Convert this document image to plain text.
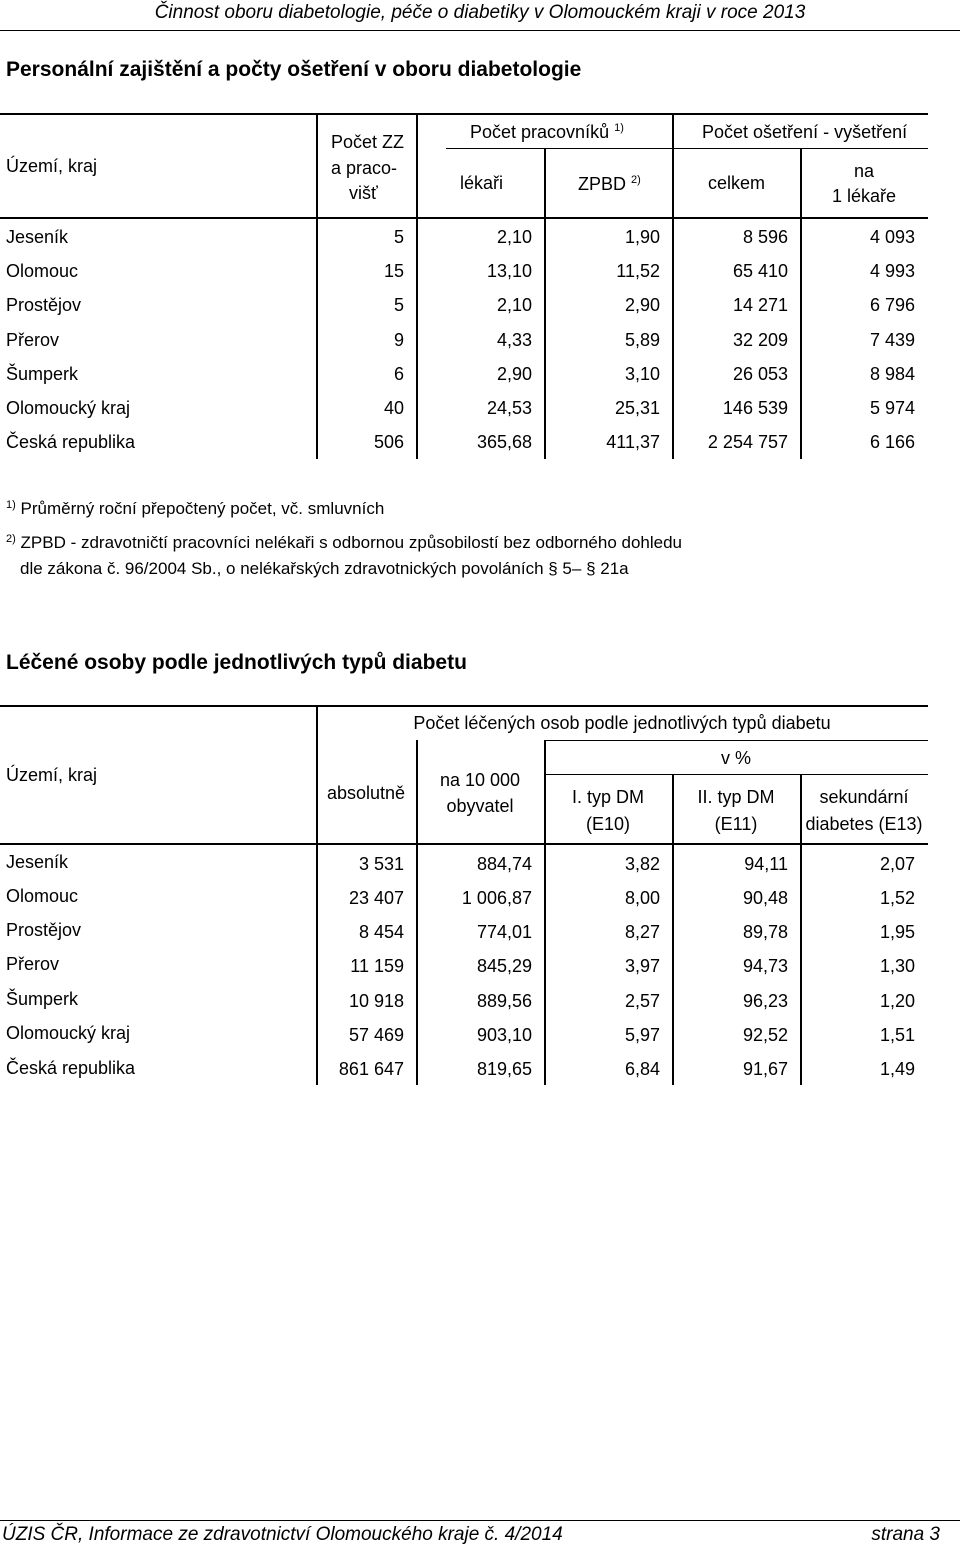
Činnost oboru diabetologie, péče o diabetiky v Olomouckém kraji v roce 2013
Personální zajištění a počty ošetření v oboru diabetologie
Území, kraj
Počet ZZ
a praco-
višť
Počet pracovníků $^{1)}$	Počet ošetření - vyšetření
lékaři	ZPBD $^{2)}$	celkem
na
1 lékaře
Jeseník	5	2,10	1,90	8 596	4 093
Olomouc	15	13,10	11,52	65 410	4 993
Prostějov	5	2,10	2,90	14 271	6 796
Přerov	9	4,33	5,89	32 209	7 439
Šumperk	6	2,90	3,10	26 053	8 984
Olomoucký kraj	40	24,53	25,31	146 539	5 974
Česká republika	506	365,68	411,37	2 254 757	6 166
$^{1)}$ Průměrný roční přepočtený počet, vč. smluvních
$^{2)}$ ZPBD - zdravotničtí pracovníci nelékaři s odbornou způsobilostí bez odborného dohledu
dle zákona č. 96/2004 Sb., o nelékařských zdravotnických povoláních § 5– § 21a
Léčené osoby podle jednotlivých typů diabetu
Území, kraj
Počet léčených osob podle jednotlivých typů diabetu
absolutně
na 10 000
obyvatel
v %
I. typ DM
(E10)
II. typ DM
(E11)
sekundární
diabetes (E13)
Jeseník	3 531	884,74	3,82	94,11	2,07
Olomouc	23 407	1 006,87	8,00	90,48	1,52
Prostějov	8 454	774,01	8,27	89,78	1,95
Přerov	11 159	845,29	3,97	94,73	1,30
Šumperk	10 918	889,56	2,57	96,23	1,20
Olomoucký kraj	57 469	903,10	5,97	92,52	1,51
Česká republika	861 647	819,65	6,84	91,67	1,49
ÚZIS ČR, Informace ze zdravotnictví Olomouckého kraje č. 4/2014	strana 3
